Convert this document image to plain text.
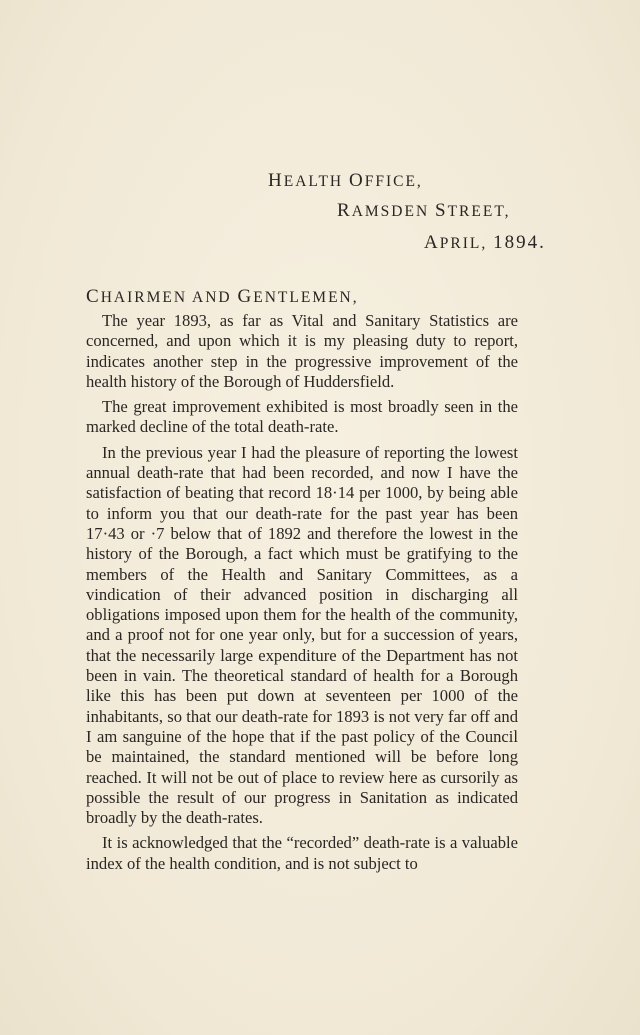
HEALTH OFFICE,
RAMSDEN STREET,
APRIL, 1894.
CHAIRMEN AND GENTLEMEN,

The year 1893, as far as Vital and Sanitary Statistics are concerned, and upon which it is my pleasing duty to report, indicates another step in the progressive improvement of the health history of the Borough of Huddersfield.

The great improvement exhibited is most broadly seen in the marked decline of the total death-rate.

In the previous year I had the pleasure of reporting the lowest annual death-rate that had been recorded, and now I have the satisfaction of beating that record 18·14 per 1000, by being able to inform you that our death-rate for the past year has been 17·43 or ·7 below that of 1892 and therefore the lowest in the history of the Borough, a fact which must be gratifying to the members of the Health and Sanitary Committees, as a vindication of their advanced position in discharging all obligations imposed upon them for the health of the community, and a proof not for one year only, but for a succession of years, that the necessarily large expenditure of the Department has not been in vain. The theoretical standard of health for a Borough like this has been put down at seventeen per 1000 of the inhabitants, so that our death-rate for 1893 is not very far off and I am sanguine of the hope that if the past policy of the Council be maintained, the standard mentioned will be before long reached. It will not be out of place to review here as cursorily as possible the result of our progress in Sanitation as indicated broadly by the death-rates.

It is acknowledged that the “recorded” death-rate is a valuable index of the health condition, and is not subject to
